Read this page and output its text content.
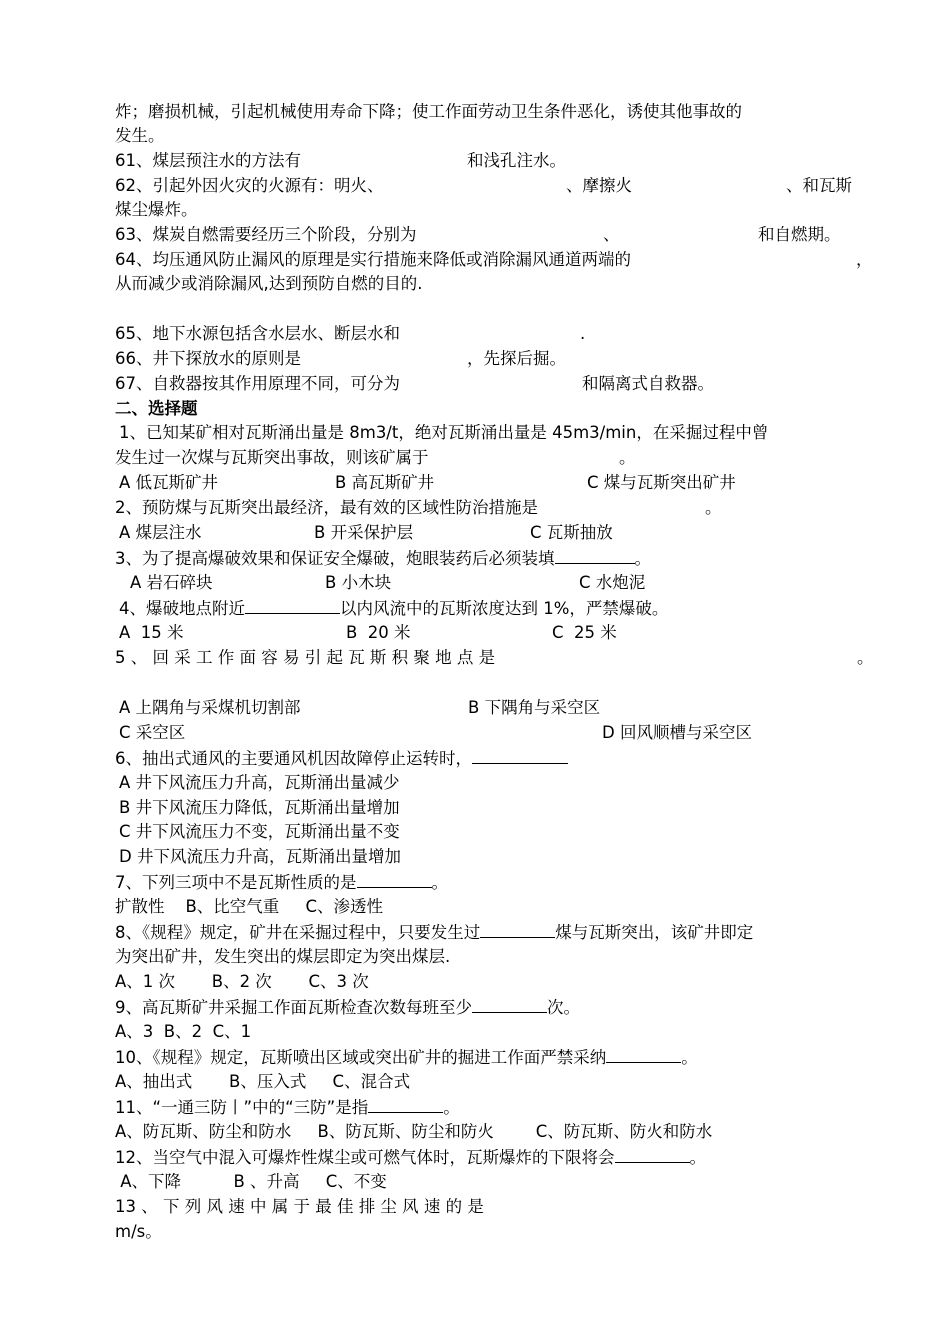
炸；磨损机械，引起机械使用寿命下降；使工作面劳动卫生条件恶化，诱使其他事故的
发生。
61、煤层预注水的方法有	和浅孔注水。
62、引起外因火灾的火源有：明火、	、摩擦火	、和瓦斯
煤尘爆炸。
63、煤炭自燃需要经历三个阶段，分别为	、	和自燃期。
64、均压通风防止漏风的原理是实行措施来降低或消除漏风通道两端的	，
从而减少或消除漏风,达到预防自燃的目的.
65、地下水源包括含水层水、断层水和	.
66、井下探放水的原则是	，先探后掘。
67、自救器按其作用原理不同，可分为	和隔离式自救器。
二、选择题
1、已知某矿相对瓦斯涌出量是 8m3/t，绝对瓦斯涌出量是 45m3/min，在采掘过程中曾
发生过一次煤与瓦斯突出事故，则该矿属于	。
A 低瓦斯矿井	B 高瓦斯矿井	C 煤与瓦斯突出矿井
2、预防煤与瓦斯突出最经济，最有效的区域性防治措施是	。
A 煤层注水	B 开采保护层	C 瓦斯抽放
3、为了提高爆破效果和保证安全爆破，炮眼装药后必须装填	。
A 岩石碎块	B 小木块	C 水炮泥
4、爆破地点附近	以内风流中的瓦斯浓度达到 1%，严禁爆破。
A  15 米	B  20 米	C  25 米
5 、 回 采 工 作 面 容 易 引 起 瓦 斯 积 聚 地 点 是	。
A 上隅角与采煤机切割部	B 下隅角与采空区
C 采空区	D 回风顺槽与采空区
6、抽出式通风的主要通风机因故障停止运转时，
A 井下风流压力升高，瓦斯涌出量减少
B 井下风流压力降低，瓦斯涌出量增加
C 井下风流压力不变，瓦斯涌出量不变
D 井下风流压力升高，瓦斯涌出量增加
7、下列三项中不是瓦斯性质的是	。
扩散性    B、比空气重     C、渗透性
8、《规程》规定，矿井在采掘过程中，只要发生过	煤与瓦斯突出，该矿井即定
为突出矿井，发生突出的煤层即定为突出煤层.
A、1 次       B、2 次       C、3 次
9、高瓦斯矿井采掘工作面瓦斯检查次数每班至少	次。
A、3  B、2  C、1
10、《规程》规定，瓦斯喷出区域或突出矿井的掘进工作面严禁采纳	。
A、抽出式       B、压入式     C、混合式
11、“一通三防丨”中的“三防”是指	。
A、防瓦斯、防尘和防水     B、防瓦斯、防尘和防火        C、防瓦斯、防火和防水
12、当空气中混入可爆炸性煤尘或可燃气体时，瓦斯爆炸的下限将会	。
A、下降          B 、升高     C、不变
13 、 下 列 风 速 中 属 于 最 佳 排 尘 风 速 的 是
m/s。
